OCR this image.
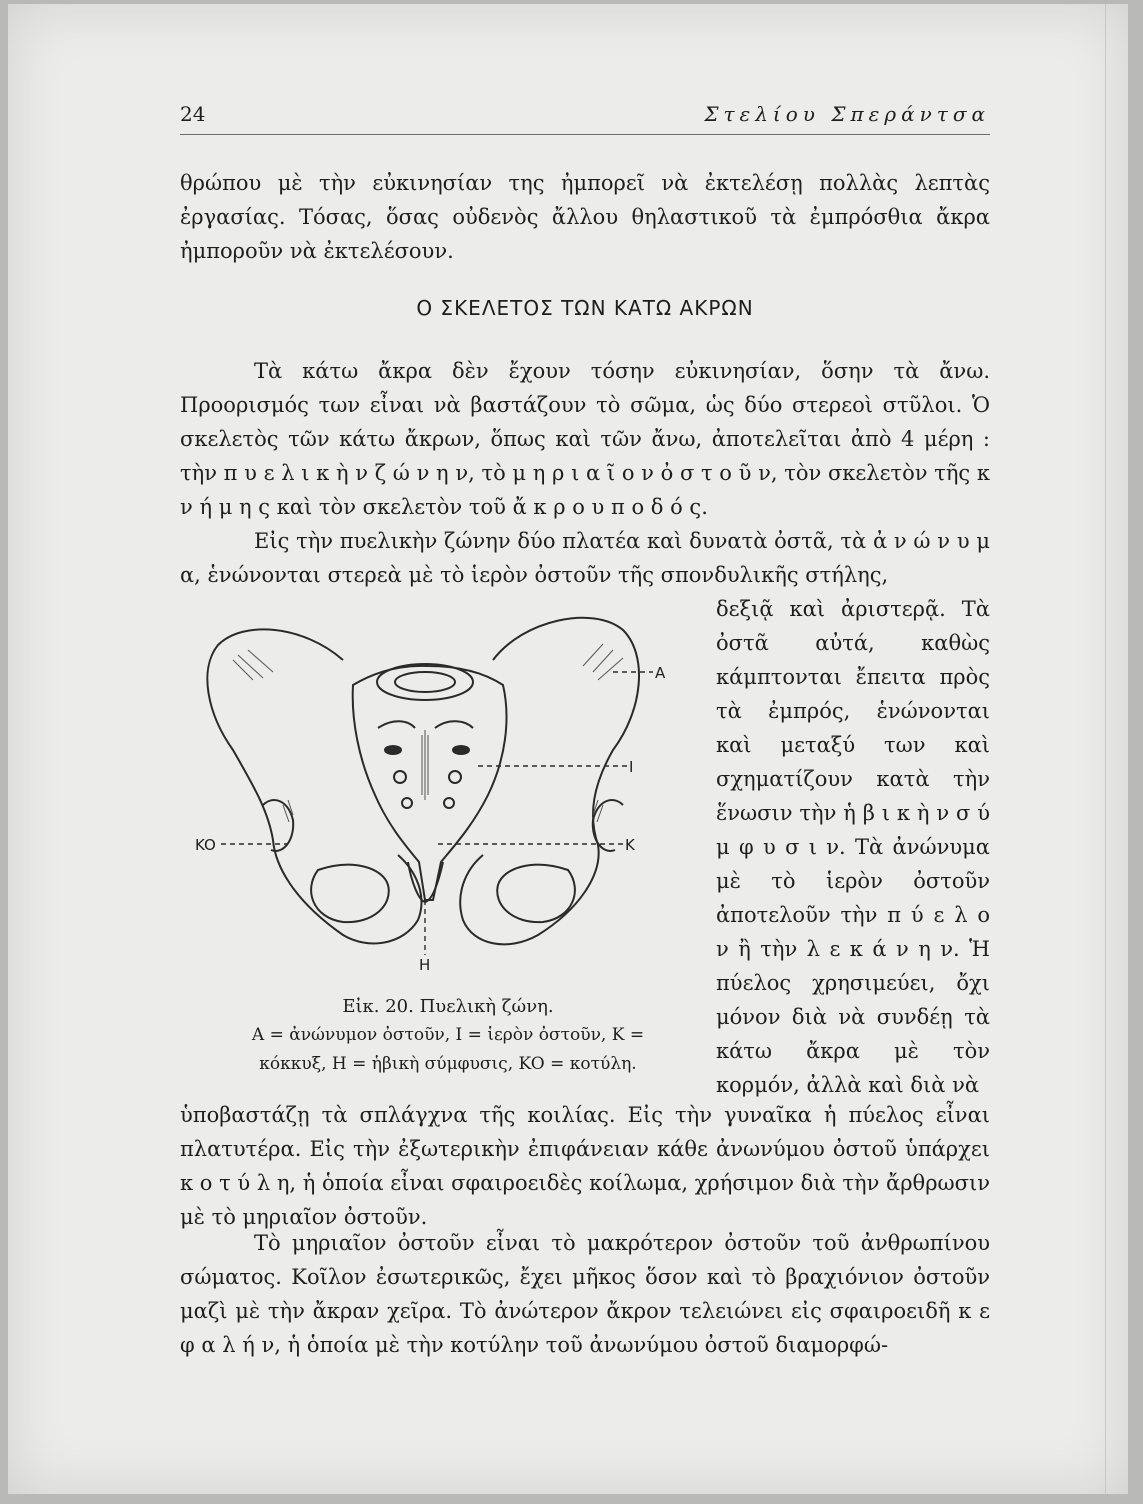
24	Στελίου Σπεράντσα

θρώπου μὲ τὴν εὐκινησίαν της ἠμπορεῖ νὰ ἐκτελέσῃ πολλὰς λεπτὰς ἐργασίας. Τόσας, ὅσας οὐδενὸς ἄλλου θηλαστικοῦ τὰ ἐμπρόσθια ἄκρα ἠμποροῦν νὰ ἐκτελέσουν.

Ο ΣΚΕΛΕΤΟΣ ΤΩΝ ΚΑΤΩ ΑΚΡΩΝ

Τὰ κάτω ἄκρα δὲν ἔχουν τόσην εὐκινησίαν, ὅσην τὰ ἄνω. Προορισμός των εἶναι νὰ βαστάζουν τὸ σῶμα, ὡς δύο στερεοὶ στῦλοι. Ὁ σκελετὸς τῶν κάτω ἄκρων, ὅπως καὶ τῶν ἄνω, ἀποτελεῖται ἀπὸ 4 μέρη : τὴν π υ ε λ ι κ ὴ ν ζ ώ ν η ν, τὸ μ η ρ ι α ῖ ο ν ὀ σ τ ο ῦ ν, τὸν σκελετὸν τῆς κ ν ή μ η ς καὶ τὸν σκελετὸν τοῦ ἄ κ ρ ο υ π ο δ ό ς.

Εἰς τὴν πυελικὴν ζώνην δύο πλατέα καὶ δυνατὰ ὀστᾶ, τὰ ἀ ν ώ ν υ μ α, ἑνώνονται στερεὰ μὲ τὸ ἱερὸν ὀστοῦν τῆς σπονδυλικῆς στήλης,

δεξιᾷ καὶ ἀριστερᾷ. Τὰ ὀστᾶ αὐτά, καθὼς κάμπτονται ἔπειτα πρὸς τὰ ἐμπρός, ἑνώνονται καὶ μεταξύ των καὶ σχηματίζουν κατὰ τὴν ἕνωσιν τὴν ἡ β ι κ ὴ ν σ ύ μ φ υ σ ι ν. Τὰ ἀνώνυμα μὲ τὸ ἱερὸν ὀστοῦν ἀποτελοῦν τὴν π ύ ε λ ο ν ἢ τὴν λ ε κ ά ν η ν. Ἡ πύελος χρησιμεύει, ὄχι μόνον διὰ νὰ συνδέῃ τὰ κάτω ἄκρα μὲ τὸν κορμόν, ἀλλὰ καὶ διὰ νὰ

A
I
K
KO
H
Εἰκ. 20. Πυελικὴ ζώνη.
A = ἀνώνυμον ὀστοῦν, I = ἱερὸν ὀστοῦν, K =
κόκκυξ, H = ἡβικὴ σύμφυσις, KO = κοτύλη.

ὑποβαστάζῃ τὰ σπλάγχνα τῆς κοιλίας. Εἰς τὴν γυναῖκα ἡ πύελος εἶναι πλατυτέρα. Εἰς τὴν ἐξωτερικὴν ἐπιφάνειαν κάθε ἀνωνύμου ὀστοῦ ὑπάρχει κ ο τ ύ λ η, ἡ ὁποία εἶναι σφαιροειδὲς κοίλωμα, χρήσιμον διὰ τὴν ἄρθρωσιν μὲ τὸ μηριαῖον ὀστοῦν.

Τὸ μηριαῖον ὀστοῦν εἶναι τὸ μακρότερον ὀστοῦν τοῦ ἀνθρωπίνου σώματος. Κοῖλον ἐσωτερικῶς, ἔχει μῆκος ὅσον καὶ τὸ βραχιόνιον ὀστοῦν μαζὶ μὲ τὴν ἄκραν χεῖρα. Τὸ ἀνώτερον ἄκρον τελειώνει εἰς σφαιροειδῆ κ ε φ α λ ή ν, ἡ ὁποία μὲ τὴν κοτύλην τοῦ ἀνωνύμου ὀστοῦ διαμορφώ-
